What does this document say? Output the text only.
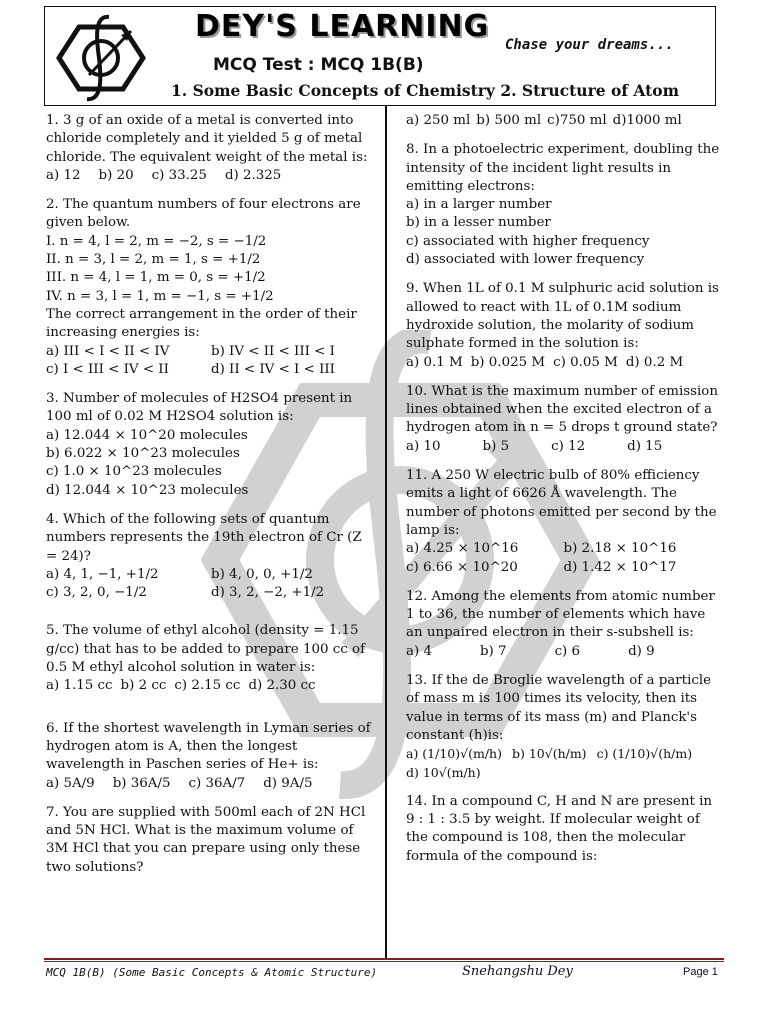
DEY'S LEARNING
Chase your dreams...
MCQ Test : MCQ 1B(B)
1. Some Basic Concepts of Chemistry 2. Structure of Atom

1. 3 g of an oxide of a metal is converted into chloride completely and it yielded 5 g of metal chloride. The equivalent weight of the metal is:

a) 12 b) 20 c) 33.25 d) 2.325

2. The quantum numbers of four electrons are given below.

I. n = 4, l = 2, m = −2, s = −1/2

II. n = 3, l = 2, m = 1, s = +1/2

III. n = 4, l = 1, m = 0, s = +1/2

IV. n = 3, l = 1, m = −1, s = +1/2

The correct arrangement in the order of their increasing energies is:

a) III < I < II < IV	b) IV < II < III < I
c) I < III < IV < II	d) II < IV < I < III

3. Number of molecules of H2SO4 present in 100 ml of 0.02 M H2SO4 solution is:

a) 12.044 × 10^20 molecules

b) 6.022 × 10^23 molecules

c) 1.0 × 10^23 molecules

d) 12.044 × 10^23 molecules

4. Which of the following sets of quantum numbers represents the 19th electron of Cr (Z = 24)?

a) 4, 1, −1, +1/2	b) 4, 0, 0, +1/2
c) 3, 2, 0, −1/2	d) 3, 2, −2, +1/2

5. The volume of ethyl alcohol (density = 1.15 g/cc) that has to be added to prepare 100 cc of 0.5 M ethyl alcohol solution in water is:

a) 1.15 cc b) 2 cc c) 2.15 cc d) 2.30 cc

6. If the shortest wavelength in Lyman series of hydrogen atom is A, then the longest wavelength in Paschen series of He+ is:

a) 5A/9 b) 36A/5 c) 36A/7 d) 9A/5

7. You are supplied with 500ml each of 2N HCl and 5N HCl. What is the maximum volume of 3M HCl that you can prepare using only these two solutions?

a) 250 ml b) 500 ml c)750 ml d)1000 ml

8. In a photoelectric experiment, doubling the intensity of the incident light results in emitting electrons:

a) in a larger number

b) in a lesser number

c) associated with higher frequency

d) associated with lower frequency

9. When 1L of 0.1 M sulphuric acid solution is allowed to react with 1L of 0.1M sodium hydroxide solution, the molarity of sodium sulphate formed in the solution is:

a) 0.1 M b) 0.025 M c) 0.05 M d) 0.2 M

10. What is the maximum number of emission lines obtained when the excited electron of a hydrogen atom in n = 5 drops t ground state?

a) 10	b) 5	c) 12	d) 15

11. A 250 W electric bulb of 80% efficiency emits a light of 6626 Å wavelength. The number of photons emitted per second by the lamp is:

a) 4.25 × 10^16	b) 2.18 × 10^16
c) 6.66 × 10^20	d) 1.42 × 10^17

12. Among the elements from atomic number 1 to 36, the number of elements which have an unpaired electron in their s-subshell is:

a) 4	b) 7	c) 6	d) 9

13. If the de Broglie wavelength of a particle of mass m is 100 times its velocity, then its value in terms of its mass (m) and Planck's constant (h)is:

a) (1/10)√(m/h) b) 10√(h/m) c) (1/10)√(h/m)
d) 10√(m/h)

14. In a compound C, H and N are present in 9 : 1 : 3.5 by weight. If molecular weight of the compound is 108, then the molecular formula of the compound is:

MCQ 1B(B) (Some Basic Concepts & Atomic Structure)	Snehangshu Dey	Page 1
